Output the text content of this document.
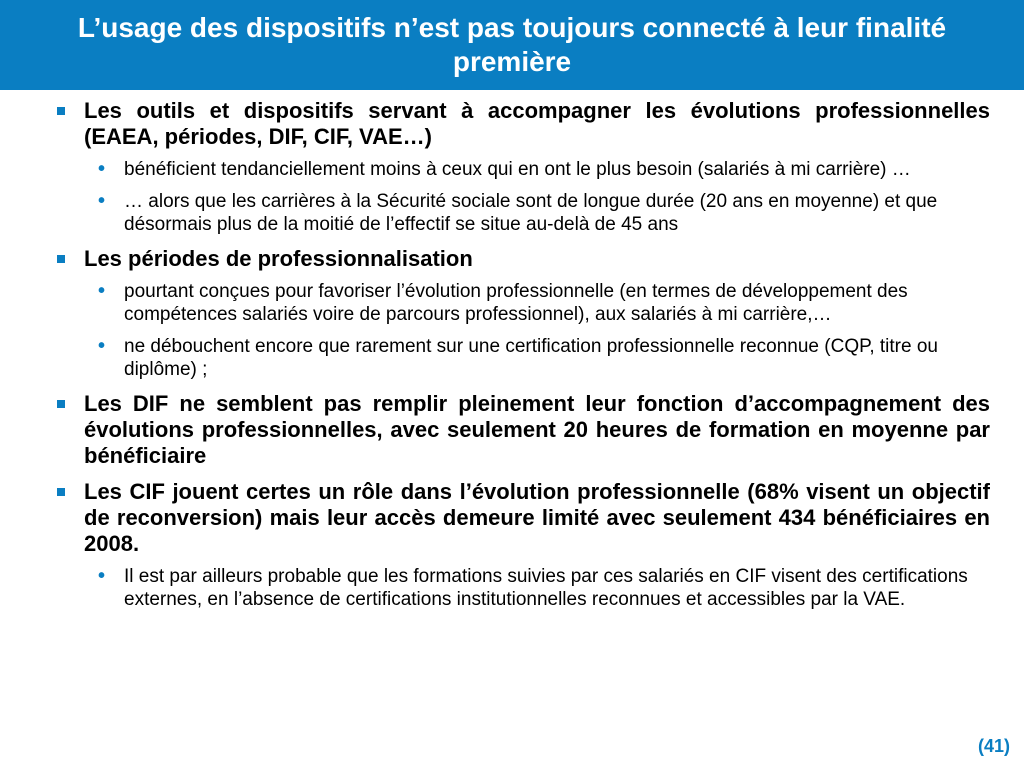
L’usage des dispositifs n’est pas toujours connecté à leur finalité première
Les outils et dispositifs servant à accompagner les évolutions professionnelles (EAEA, périodes, DIF, CIF, VAE…)
• bénéficient tendanciellement moins à ceux qui en ont le plus besoin (salariés à mi carrière) …
• … alors que les carrières à la Sécurité sociale sont de longue durée (20 ans en moyenne) et que désormais plus de la moitié de l’effectif se situe au-delà de 45 ans
Les périodes de professionnalisation
• pourtant conçues pour favoriser l’évolution professionnelle (en termes de développement des compétences salariés voire de parcours professionnel), aux salariés à mi carrière,…
• ne débouchent encore que rarement sur une certification professionnelle reconnue (CQP, titre ou diplôme) ;
Les DIF ne semblent pas remplir pleinement leur fonction d’accompagnement des évolutions professionnelles, avec seulement 20 heures de formation en moyenne par bénéficiaire
Les CIF jouent certes un rôle dans l’évolution professionnelle (68% visent un objectif de reconversion) mais leur accès demeure limité avec seulement 434 bénéficiaires en 2008.
• Il est par ailleurs probable que les formations suivies par ces salariés en CIF visent des certifications externes, en l’absence de certifications institutionnelles reconnues et accessibles par la VAE.
(41)
